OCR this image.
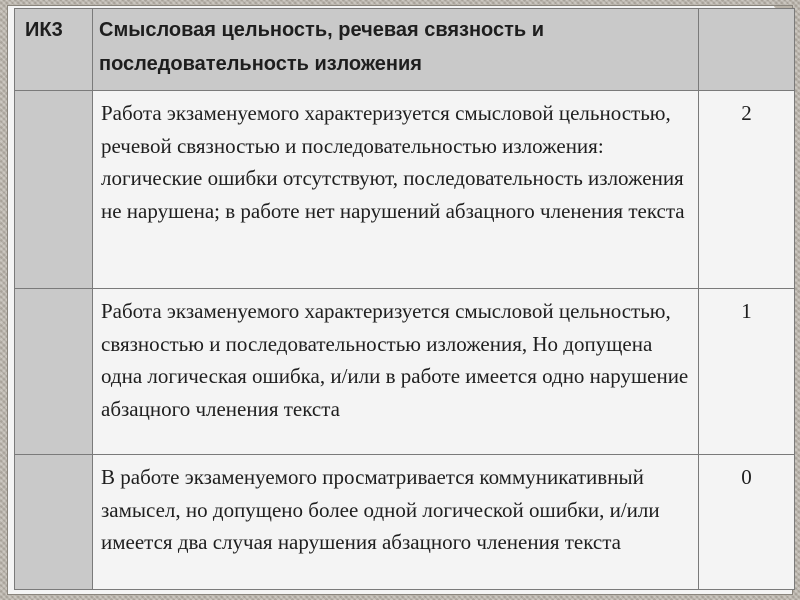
ИК3	Смысловая цельность, речевая связность и последовательность изложения	
	Работа экзаменуемого характеризуется смысловой цельностью, речевой связностью и последовательностью изложения: логические ошибки отсутствуют, последовательность изложения не нарушена; в работе нет нарушений абзацного членения текста	2
	Работа экзаменуемого характеризуется смысловой цельностью, связностью и последовательностью изложения, Но допущена одна логическая ошибка, и/или в работе имеется одно нарушение абзацного членения текста	1
	В работе экзаменуемого просматривается коммуникативный замысел, но допущено более одной логической ошибки, и/или имеется два случая нарушения абзацного членения текста	0
